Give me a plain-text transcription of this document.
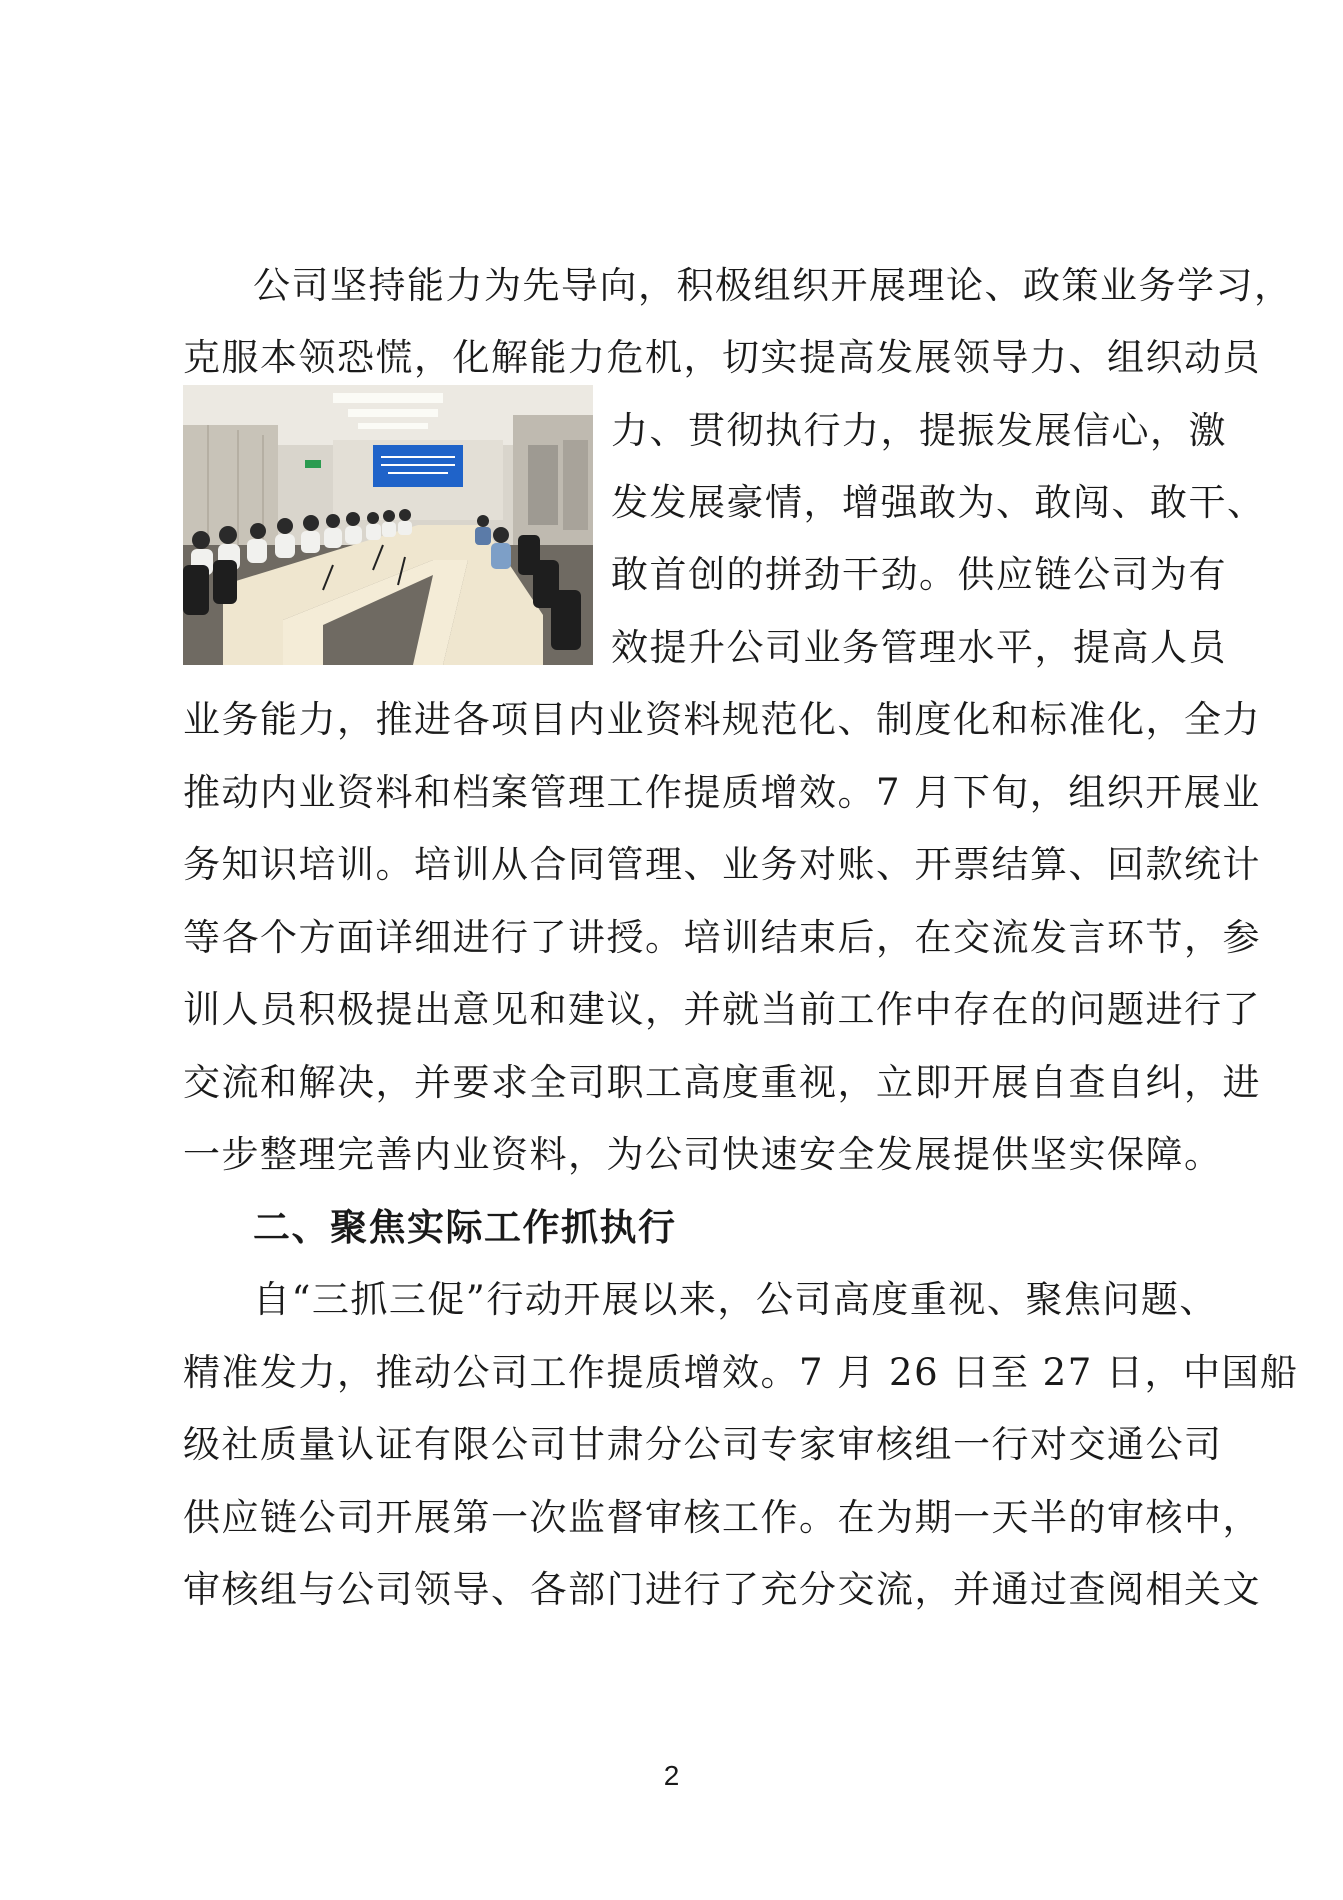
公司坚持能力为先导向，积极组织开展理论、政策业务学习，
克服本领恐慌，化解能力危机，切实提高发展领导力、组织动员
力、贯彻执行力，提振发展信心，激
发发展豪情，增强敢为、敢闯、敢干、
敢首创的拼劲干劲。供应链公司为有
效提升公司业务管理水平，提高人员
业务能力，推进各项目内业资料规范化、制度化和标准化，全力
推动内业资料和档案管理工作提质增效。7 月下旬，组织开展业
务知识培训。培训从合同管理、业务对账、开票结算、回款统计
等各个方面详细进行了讲授。培训结束后，在交流发言环节，参
训人员积极提出意见和建议，并就当前工作中存在的问题进行了
交流和解决，并要求全司职工高度重视，立即开展自查自纠，进
一步整理完善内业资料，为公司快速安全发展提供坚实保障。
二、聚焦实际工作抓执行
自“三抓三促”行动开展以来，公司高度重视、聚焦问题、
精准发力，推动公司工作提质增效。7 月 26 日至 27 日，中国船
级社质量认证有限公司甘肃分公司专家审核组一行对交通公司
供应链公司开展第一次监督审核工作。在为期一天半的审核中，
审核组与公司领导、各部门进行了充分交流，并通过查阅相关文
2
